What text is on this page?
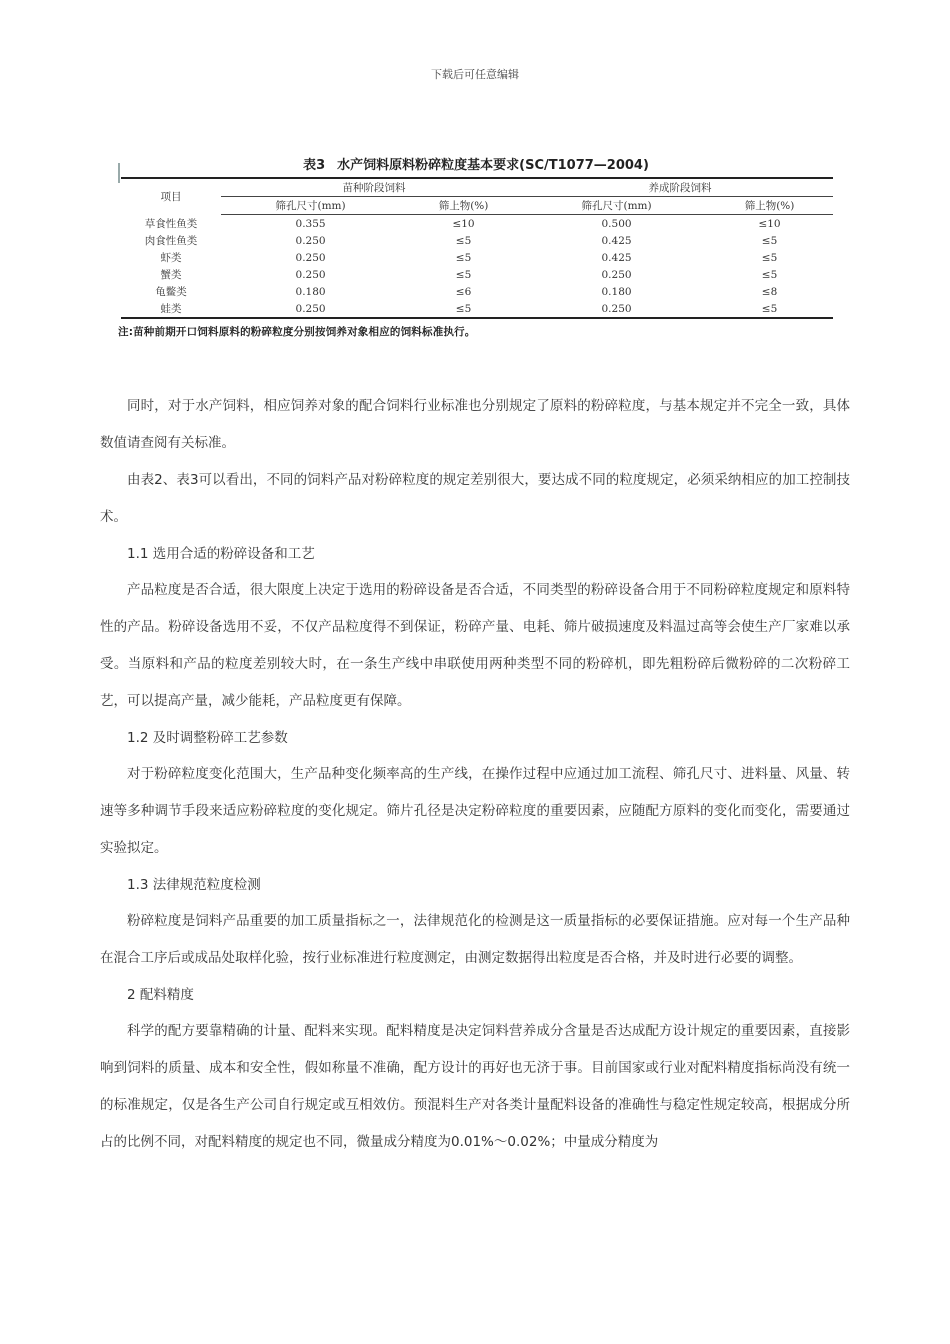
下载后可任意编辑
表3 水产饲料原料粉碎粒度基本要求(SC/T1077—2004)
项目	苗种阶段饲料		养成阶段饲料	
	筛孔尺寸(mm)	筛上物(%)	筛孔尺寸(mm)	筛上物(%)
草食性鱼类	0.355	≤10	0.500	≤10
肉食性鱼类	0.250	≤5	0.425	≤5
虾类	0.250	≤5	0.425	≤5
蟹类	0.250	≤5	0.250	≤5
龟鳖类	0.180	≤6	0.180	≤8
蛙类	0.250	≤5	0.250	≤5
注:苗种前期开口饲料原料的粉碎粒度分别按饲养对象相应的饲料标准执行。

同时，对于水产饲料，相应饲养对象的配合饲料行业标准也分别规定了原料的粉碎粒度，与基本规定并不完全一致，具体数值请查阅有关标准。

由表2、表3可以看出，不同的饲料产品对粉碎粒度的规定差别很大，要达成不同的粒度规定，必须采纳相应的加工控制技术。

1.1 选用合适的粉碎设备和工艺

产品粒度是否合适，很大限度上决定于选用的粉碎设备是否合适，不同类型的粉碎设备合用于不同粉碎粒度规定和原料特性的产品。粉碎设备选用不妥，不仅产品粒度得不到保证，粉碎产量、电耗、筛片破损速度及料温过高等会使生产厂家难以承受。当原料和产品的粒度差别较大时，在一条生产线中串联使用两种类型不同的粉碎机，即先粗粉碎后微粉碎的二次粉碎工艺，可以提高产量，减少能耗，产品粒度更有保障。

1.2 及时调整粉碎工艺参数

对于粉碎粒度变化范围大，生产品种变化频率高的生产线，在操作过程中应通过加工流程、筛孔尺寸、进料量、风量、转速等多种调节手段来适应粉碎粒度的变化规定。筛片孔径是决定粉碎粒度的重要因素，应随配方原料的变化而变化，需要通过实验拟定。

1.3 法律规范粒度检测

粉碎粒度是饲料产品重要的加工质量指标之一，法律规范化的检测是这一质量指标的必要保证措施。应对每一个生产品种在混合工序后或成品处取样化验，按行业标准进行粒度测定，由测定数据得出粒度是否合格，并及时进行必要的调整。

2 配料精度

科学的配方要靠精确的计量、配料来实现。配料精度是决定饲料营养成分含量是否达成配方设计规定的重要因素，直接影响到饲料的质量、成本和安全性，假如称量不准确，配方设计的再好也无济于事。目前国家或行业对配料精度指标尚没有统一的标准规定，仅是各生产公司自行规定或互相效仿。预混料生产对各类计量配料设备的准确性与稳定性规定较高，根据成分所占的比例不同，对配料精度的规定也不同，微量成分精度为0.01%～0.02%；中量成分精度为
